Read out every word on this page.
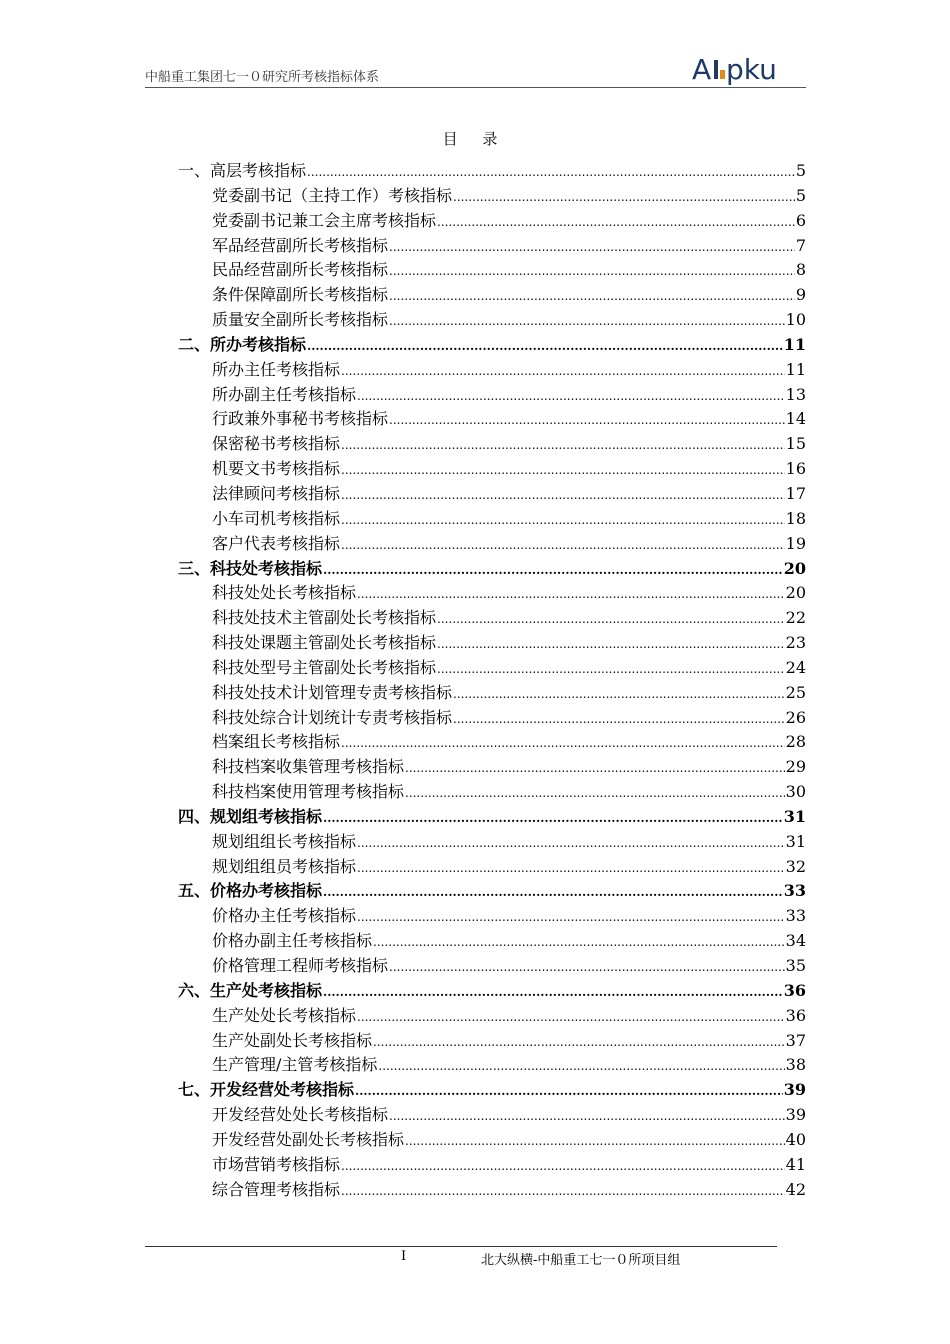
中船重工集团七一０研究所考核指标体系	A pku
目 录
一、高层考核指标 .....	5
党委副书记（主持工作）考核指标 .....	5
党委副书记兼工会主席考核指标 .....	6
军品经营副所长考核指标 .....	7
民品经营副所长考核指标 .....	8
条件保障副所长考核指标 .....	9
质量安全副所长考核指标 .....	10
二、所办考核指标 .....	11
所办主任考核指标 .....	11
所办副主任考核指标 .....	13
行政兼外事秘书考核指标 .....	14
保密秘书考核指标 .....	15
机要文书考核指标 .....	16
法律顾问考核指标 .....	17
小车司机考核指标 .....	18
客户代表考核指标 .....	19
三、科技处考核指标 .....	20
科技处处长考核指标 .....	20
科技处技术主管副处长考核指标 .....	22
科技处课题主管副处长考核指标 .....	23
科技处型号主管副处长考核指标 .....	24
科技处技术计划管理专责考核指标 .....	25
科技处综合计划统计专责考核指标 .....	26
档案组长考核指标 .....	28
科技档案收集管理考核指标 .....	29
科技档案使用管理考核指标 .....	30
四、规划组考核指标 .....	31
规划组组长考核指标 .....	31
规划组组员考核指标 .....	32
五、价格办考核指标 .....	33
价格办主任考核指标 .....	33
价格办副主任考核指标 .....	34
价格管理工程师考核指标 .....	35
六、生产处考核指标 .....	36
生产处处长考核指标 .....	36
生产处副处长考核指标 .....	37
生产管理/主管考核指标 .....	38
七、开发经营处考核指标 .....	39
开发经营处处长考核指标 .....	39
开发经营处副处长考核指标 .....	40
市场营销考核指标 .....	41
综合管理考核指标 .....	42
I	北大纵横-中船重工七一０所项目组
